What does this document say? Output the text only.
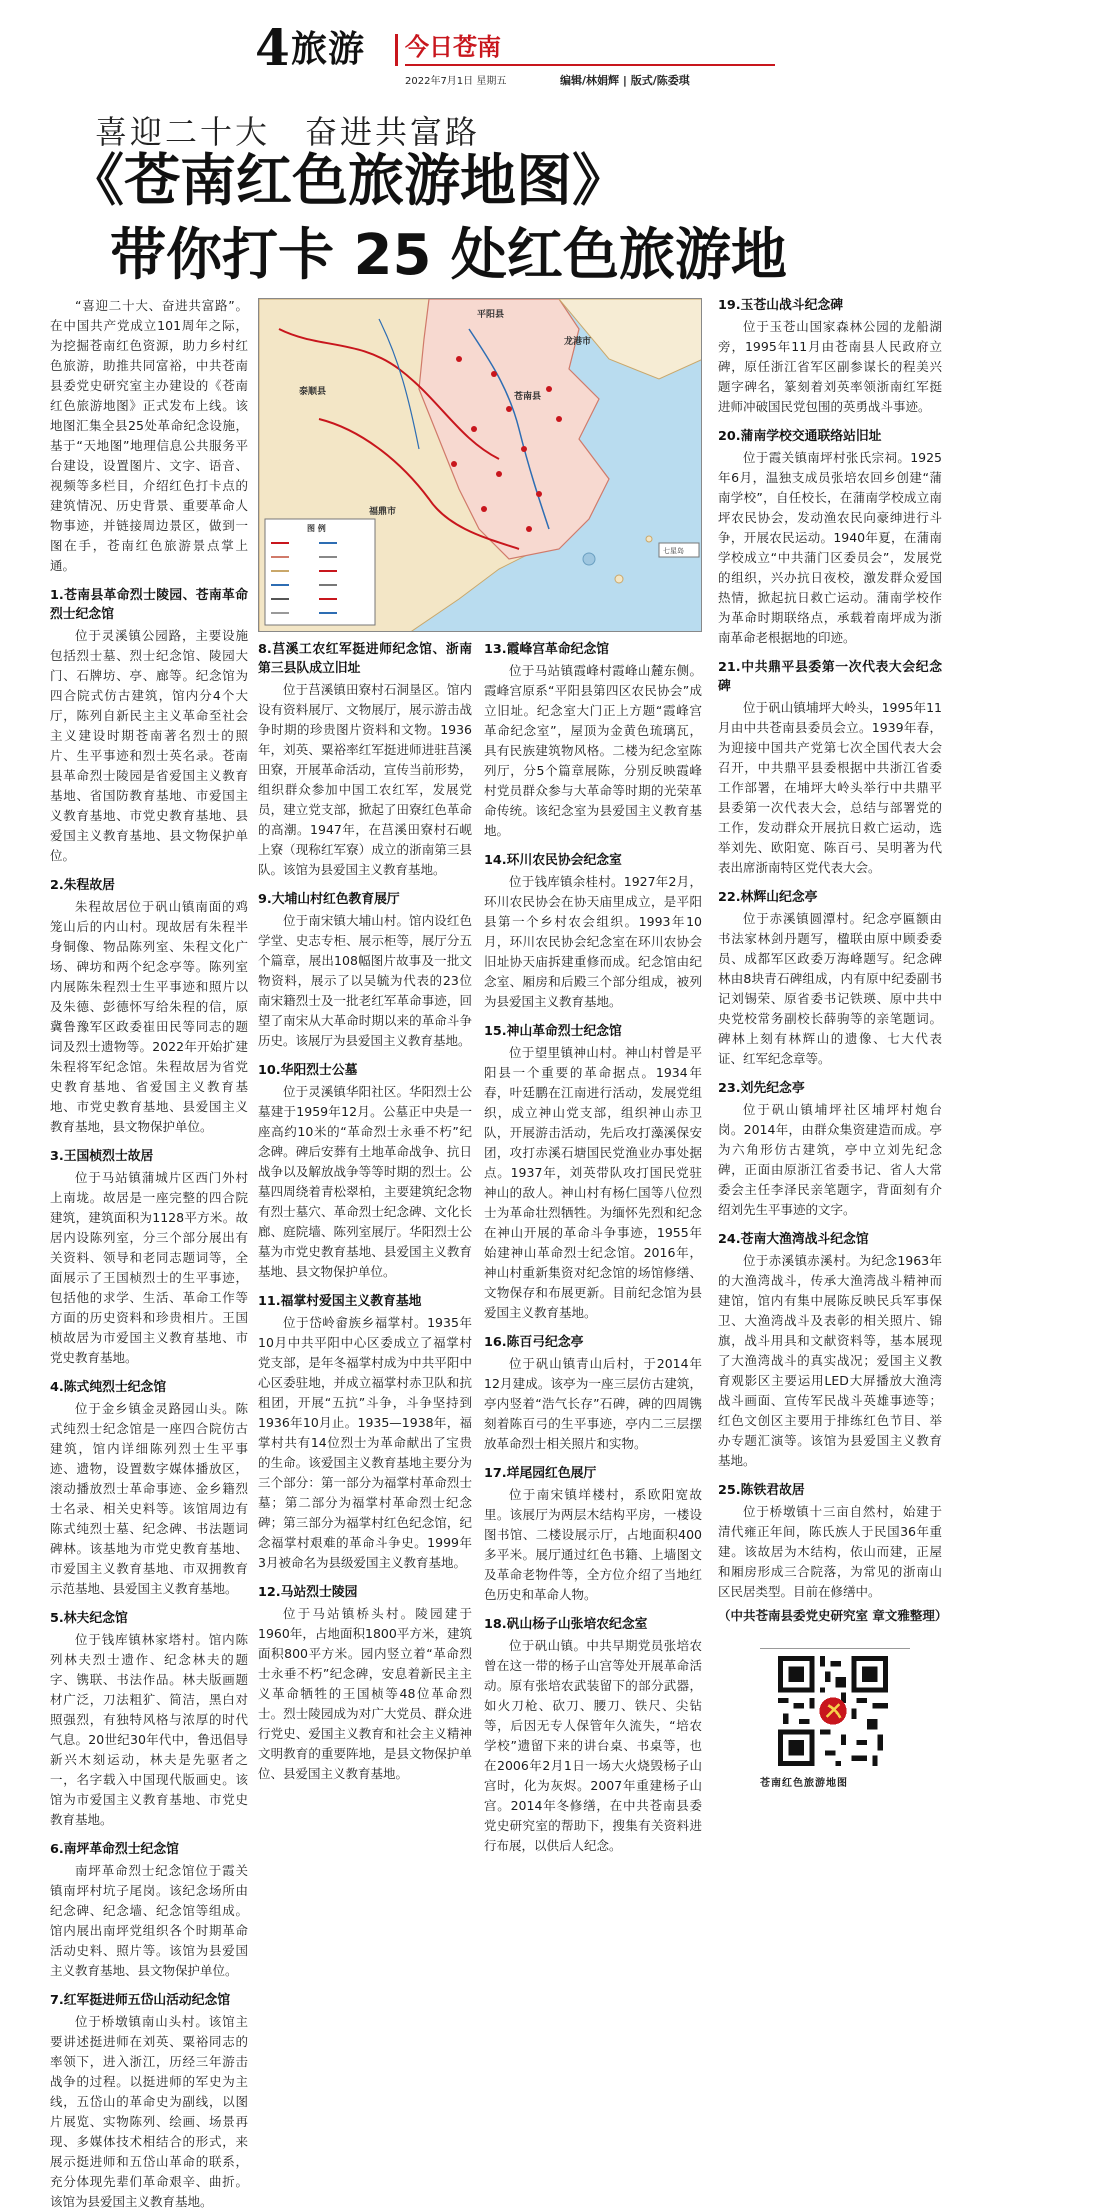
4 旅游 今日苍南
2022年7月1日 星期五	编辑/林娟辉 | 版式/陈委琪
喜迎二十大　奋进共富路
《苍南红色旅游地图》
带你打卡 25 处红色旅游地
平阳县
泰顺县
福鼎市
龙港市
苍南县
图 例
七星岛

“喜迎二十大、奋进共富路”。在中国共产党成立101周年之际，为挖掘苍南红色资源，助力乡村红色旅游，助推共同富裕，中共苍南县委党史研究室主办建设的《苍南红色旅游地图》正式发布上线。该地图汇集全县25处革命纪念设施，基于“天地图”地理信息公共服务平台建设，设置图片、文字、语音、视频等多栏目，介绍红色打卡点的建筑情况、历史背景、重要革命人物事迹，并链接周边景区，做到一图在手，苍南红色旅游景点掌上通。

1.苍南县革命烈士陵园、苍南革命烈士纪念馆

位于灵溪镇公园路，主要设施包括烈士墓、烈士纪念馆、陵园大门、石牌坊、亭、廊等。纪念馆为四合院式仿古建筑，馆内分4个大厅，陈列自新民主主义革命至社会主义建设时期苍南著名烈士的照片、生平事迹和烈士英名录。苍南县革命烈士陵园是省爱国主义教育基地、省国防教育基地、市爱国主义教育基地、市党史教育基地、县爱国主义教育基地、县文物保护单位。

2.朱程故居

朱程故居位于矾山镇南面的鸡笼山后的内山村。现故居有朱程半身铜像、物品陈列室、朱程文化广场、碑坊和两个纪念亭等。陈列室内展陈朱程烈士生平事迹和照片以及朱德、彭德怀写给朱程的信，原冀鲁豫军区政委崔田民等同志的题词及烈士遗物等。2022年开始扩建朱程将军纪念馆。朱程故居为省党史教育基地、省爱国主义教育基地、市党史教育基地、县爱国主义教育基地，县文物保护单位。

3.王国桢烈士故居

位于马站镇蒲城片区西门外村上南垅。故居是一座完整的四合院建筑，建筑面积为1128平方米。故居内设陈列室，分三个部分展出有关资料、领导和老同志题词等，全面展示了王国桢烈士的生平事迹，包括他的求学、生活、革命工作等方面的历史资料和珍贵相片。王国桢故居为市爱国主义教育基地、市党史教育基地。

4.陈式纯烈士纪念馆

位于金乡镇金灵路园山头。陈式纯烈士纪念馆是一座四合院仿古建筑，馆内详细陈列烈士生平事迹、遗物，设置数字媒体播放区，滚动播放烈士革命事迹、金乡籍烈士名录、相关史料等。该馆周边有陈式纯烈士墓、纪念碑、书法题词碑林。该基地为市党史教育基地、市爱国主义教育基地、市双拥教育示范基地、县爱国主义教育基地。

5.林夫纪念馆

位于钱库镇林家塔村。馆内陈列林夫烈士遗作、纪念林夫的题字、镌联、书法作品。林夫版画题材广泛，刀法粗犷、简洁，黑白对照强烈，有独特风格与浓厚的时代气息。20世纪30年代中，鲁迅倡导新兴木刻运动，林夫是先驱者之一，名字载入中国现代版画史。该馆为市爱国主义教育基地、市党史教育基地。

6.南坪革命烈士纪念馆

南坪革命烈士纪念馆位于霞关镇南坪村坑子尾岗。该纪念场所由纪念碑、纪念墙、纪念馆等组成。馆内展出南坪党组织各个时期革命活动史料、照片等。该馆为县爱国主义教育基地、县文物保护单位。

7.红军挺进师五岱山活动纪念馆

位于桥墩镇南山头村。该馆主要讲述挺进师在刘英、粟裕同志的率领下，进入浙江，历经三年游击战争的过程。以挺进师的军史为主线，五岱山的革命史为副线，以图片展览、实物陈列、绘画、场景再现、多媒体技术相结合的形式，来展示挺进师和五岱山革命的联系，充分体现先辈们革命艰辛、曲折。该馆为县爱国主义教育基地。

8.莒溪工农红军挺进师纪念馆、浙南第三县队成立旧址

位于莒溪镇田寮村石洞垦区。馆内设有资料展厅、文物展厅，展示游击战争时期的珍贵图片资料和文物。1936年，刘英、粟裕率红军挺进师进驻莒溪田寮，开展革命活动，宣传当前形势，组织群众参加中国工农红军，发展党员，建立党支部，掀起了田寮红色革命的高潮。1947年，在莒溪田寮村石岘上寮（现称红军寮）成立的浙南第三县队。该馆为县爱国主义教育基地。

9.大埔山村红色教育展厅

位于南宋镇大埔山村。馆内设红色学堂、史志专柜、展示柜等，展厅分五个篇章，展出108幅图片故事及一批文物资料，展示了以吴毓为代表的23位南宋籍烈士及一批老红军革命事迹，回望了南宋从大革命时期以来的革命斗争历史。该展厅为县爱国主义教育基地。

10.华阳烈士公墓

位于灵溪镇华阳社区。华阳烈士公墓建于1959年12月。公墓正中央是一座高约10米的“革命烈士永垂不朽”纪念碑。碑后安葬有土地革命战争、抗日战争以及解放战争等等时期的烈士。公墓四周绕着青松翠柏，主要建筑纪念物有烈士墓穴、革命烈士纪念碑、文化长廊、庭院墙、陈列室展厅。华阳烈士公墓为市党史教育基地、县爱国主义教育基地、县文物保护单位。

11.福掌村爱国主义教育基地

位于岱岭畲族乡福掌村。1935年10月中共平阳中心区委成立了福掌村党支部，是年冬福掌村成为中共平阳中心区委驻地，并成立福掌村赤卫队和抗租团，开展“五抗”斗争，斗争坚持到1936年10月止。1935—1938年，福掌村共有14位烈士为革命献出了宝贵的生命。该爱国主义教育基地主要分为三个部分：第一部分为福掌村革命烈士墓；第二部分为福掌村革命烈士纪念碑；第三部分为福掌村红色纪念馆，纪念福掌村艰难的革命斗争史。1999年3月被命名为县级爱国主义教育基地。

12.马站烈士陵园

位于马站镇桥头村。陵园建于1960年，占地面积1800平方米，建筑面积800平方米。园内竖立着“革命烈士永垂不朽”纪念碑，安息着新民主主义革命牺牲的王国桢等48位革命烈士。烈士陵园成为对广大党员、群众进行党史、爱国主义教育和社会主义精神文明教育的重要阵地，是县文物保护单位、县爱国主义教育基地。

13.霞峰宫革命纪念馆

位于马站镇霞峰村霞峰山麓东侧。霞峰宫原系“平阳县第四区农民协会”成立旧址。纪念室大门正上方题“霞峰宫革命纪念室”，屋顶为金黄色琉璃瓦，具有民族建筑物风格。二楼为纪念室陈列厅，分5个篇章展陈，分别反映霞峰村党员群众参与大革命等时期的光荣革命传统。该纪念室为县爱国主义教育基地。

14.环川农民协会纪念室

位于钱库镇余桂村。1927年2月，环川农民协会在协天庙里成立，是平阳县第一个乡村农会组织。1993年10月，环川农民协会纪念室在环川农协会旧址协天庙拆建重修而成。纪念馆由纪念室、厢房和后殿三个部分组成，被列为县爱国主义教育基地。

15.神山革命烈士纪念馆

位于望里镇神山村。神山村曾是平阳县一个重要的革命据点。1934年春，叶廷鹏在江南进行活动，发展党组织，成立神山党支部，组织神山赤卫队，开展游击活动，先后攻打藻溪保安团，攻打赤溪石塘国民党渔业办事处据点。1937年，刘英带队攻打国民党驻神山的敌人。神山村有杨仁国等八位烈士为革命壮烈牺牲。为缅怀先烈和纪念在神山开展的革命斗争事迹，1955年始建神山革命烈士纪念馆。2016年，神山村重新集资对纪念馆的场馆修缮、文物保存和布展更新。目前纪念馆为县爱国主义教育基地。

16.陈百弓纪念亭

位于矾山镇青山后村，于2014年12月建成。该亭为一座三层仿古建筑，亭内竖着“浩气长存”石碑，碑的四周镌刻着陈百弓的生平事迹，亭内二三层摆放革命烈士相关照片和实物。

17.垟尾园红色展厅

位于南宋镇垟楼村，系欧阳宽故里。该展厅为两层木结构平房，一楼设图书馆、二楼设展示厅，占地面积400多平米。展厅通过红色书籍、上墙图文及革命老物件等，全方位介绍了当地红色历史和革命人物。

18.矾山杨子山张培农纪念室

位于矾山镇。中共早期党员张培农曾在这一带的杨子山宫等处开展革命活动。原有张培农武装留下的部分武器，如火刀枪、砍刀、腰刀、铁尺、尖钻等，后因无专人保管年久流失，“培农学校”遗留下来的讲台桌、书桌等，也在2006年2月1日一场大火烧毁杨子山宫时，化为灰烬。2007年重建杨子山宫。2014年冬修缮，在中共苍南县委党史研究室的帮助下，搜集有关资料进行布展，以供后人纪念。

19.玉苍山战斗纪念碑

位于玉苍山国家森林公园的龙船湖旁，1995年11月由苍南县人民政府立碑，原任浙江省军区副参谋长的程美兴题字碑名，篆刻着刘英率领浙南红军挺进师冲破国民党包围的英勇战斗事迹。

20.蒲南学校交通联络站旧址

位于霞关镇南坪村张氏宗祠。1925年6月，温独支成员张培农回乡创建“蒲南学校”，自任校长，在蒲南学校成立南坪农民协会，发动渔农民向豪绅进行斗争，开展农民运动。1940年夏，在蒲南学校成立“中共蒲门区委员会”，发展党的组织，兴办抗日夜校，激发群众爱国热情，掀起抗日救亡运动。蒲南学校作为革命时期联络点，承载着南坪成为浙南革命老根据地的印迹。

21.中共鼎平县委第一次代表大会纪念碑

位于矾山镇埔坪大岭头，1995年11月由中共苍南县委员会立。1939年春，为迎接中国共产党第七次全国代表大会召开，中共鼎平县委根据中共浙江省委工作部署，在埔坪大岭头举行中共鼎平县委第一次代表大会，总结与部署党的工作，发动群众开展抗日救亡运动，选举刘先、欧阳宽、陈百弓、吴明著为代表出席浙南特区党代表大会。

22.林辉山纪念亭

位于赤溪镇圆潭村。纪念亭匾额由书法家林剑丹题写，楹联由原中顾委委员、成都军区政委万海峰题写。纪念碑林由8块青石碑组成，内有原中纪委副书记刘锡荣、原省委书记铁瑛、原中共中央党校常务副校长薛驹等的亲笔题词。碑林上刻有林辉山的遗像、七大代表证、红军纪念章等。

23.刘先纪念亭

位于矾山镇埔坪社区埔坪村炮台岗。2014年，由群众集资建造而成。亭为六角形仿古建筑，亭中立刘先纪念碑，正面由原浙江省委书记、省人大常委会主任李泽民亲笔题字，背面刻有介绍刘先生平事迹的文字。

24.苍南大渔湾战斗纪念馆

位于赤溪镇赤溪村。为纪念1963年的大渔湾战斗，传承大渔湾战斗精神而建馆，馆内有集中展陈反映民兵军事保卫、大渔湾战斗及表彰的相关照片、锦旗，战斗用具和文献资料等，基本展现了大渔湾战斗的真实战况；爱国主义教育观影区主要运用LED大屏播放大渔湾战斗画面、宣传军民战斗英雄事迹等；红色文创区主要用于排练红色节目、举办专题汇演等。该馆为县爱国主义教育基地。

25.陈铁君故居

位于桥墩镇十三亩自然村，始建于清代雍正年间，陈氏族人于民国36年重建。该故居为木结构，依山而建，正屋和厢房形成三合院落，为常见的浙南山区民居类型。目前在修缮中。

（中共苍南县委党史研究室 章文雅整理）
苍南红色旅游地图
